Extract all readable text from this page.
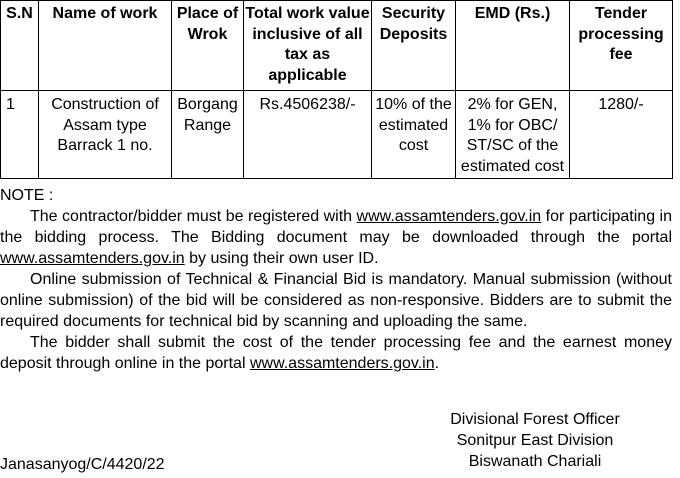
S.N	Name of work	Place of Wrok	Total work value inclusive of all tax as applicable	Security Deposits	EMD (Rs.)	Tender processing fee
1	Construction of Assam type Barrack 1 no.	Borgang Range	Rs.4506238/-	10% of the estimated cost	2% for GEN, 1% for OBC/ ST/SC of the estimated cost	1280/-

NOTE :

The contractor/bidder must be registered with www.assamtenders.gov.in for participating in the bidding process. The Bidding document may be downloaded through the portal www.assamtenders.gov.in by using their own user ID.

Online submission of Technical & Financial Bid is mandatory. Manual submission (without online submission) of the bid will be considered as non-responsive. Bidders are to submit the required documents for technical bid by scanning and uploading the same.

The bidder shall submit the cost of the tender processing fee and the earnest money deposit through online in the portal www.assamtenders.gov.in.

Divisional Forest Officer
Sonitpur East Division
Biswanath Chariali
Janasanyog/C/4420/22
